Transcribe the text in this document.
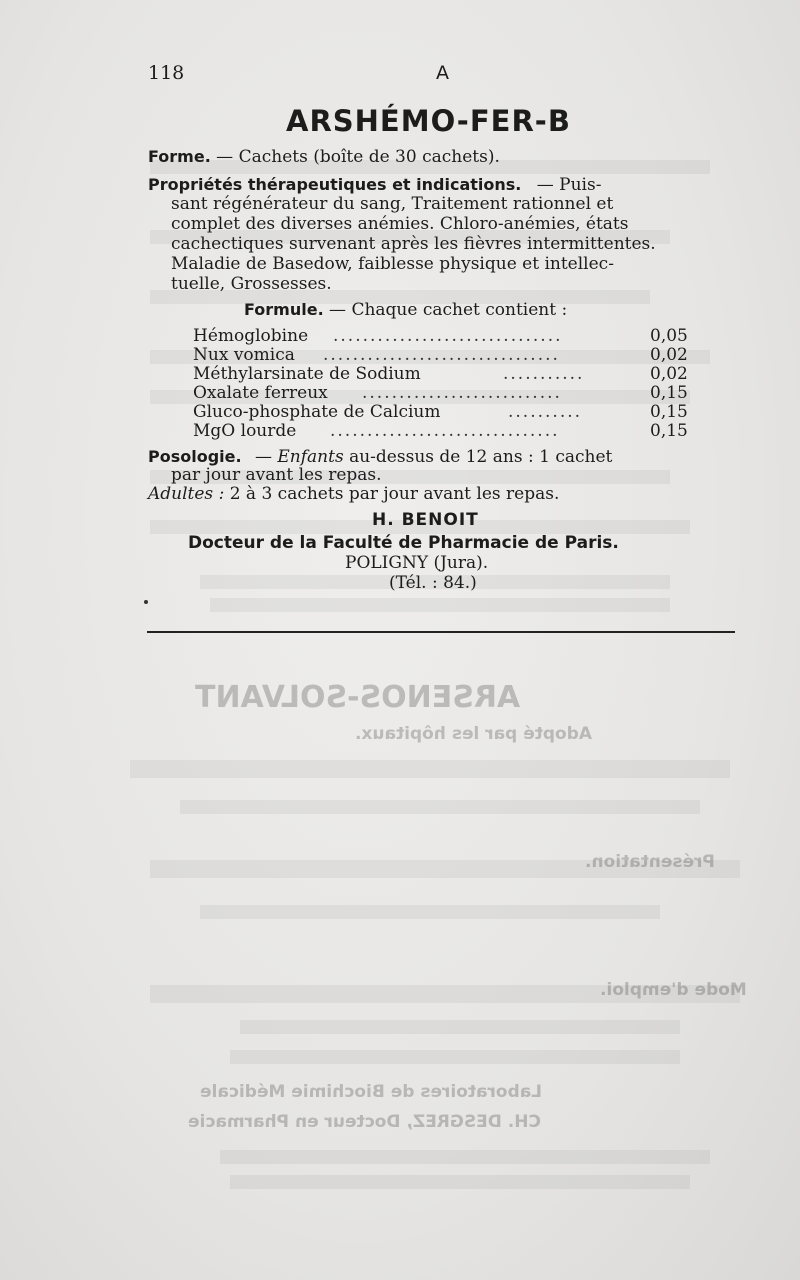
ARSENOS-SOLVANT
Adopté par les hôpitaux.
Présentation.
Mode d'emploi.
Laboratoires de Biochimie Médicale
CH. DESGREZ, Docteur en Pharmacie
118	A
ARSHÉMO-FER-B
Forme. — Cachets (boîte de 30 cachets).
Propriétés thérapeutiques et indications. — Puis-
sant régénérateur du sang, Traitement rationnel et
complet des diverses anémies. Chloro-anémies, états
cachectiques survenant après les fièvres intermittentes.
Maladie de Basedow, faiblesse physique et intellec-
tuelle, Grossesses.
Formule. — Chaque cachet contient :
Hémoglobine ...............................	0,05
Nux vomica ................................	0,02
Méthylarsinate de Sodium	...........	0,02
Oxalate ferreux ...........................	0,15
Gluco-phosphate de Calcium	..........	0,15
MgO lourde ...............................	0,15
Posologie. — Enfants au-dessus de 12 ans : 1 cachet
par jour avant les repas.
Adultes : 2 à 3 cachets par jour avant les repas.
H. BENOIT
Docteur de la Faculté de Pharmacie de Paris.
POLIGNY (Jura).
(Tél. : 84.)
